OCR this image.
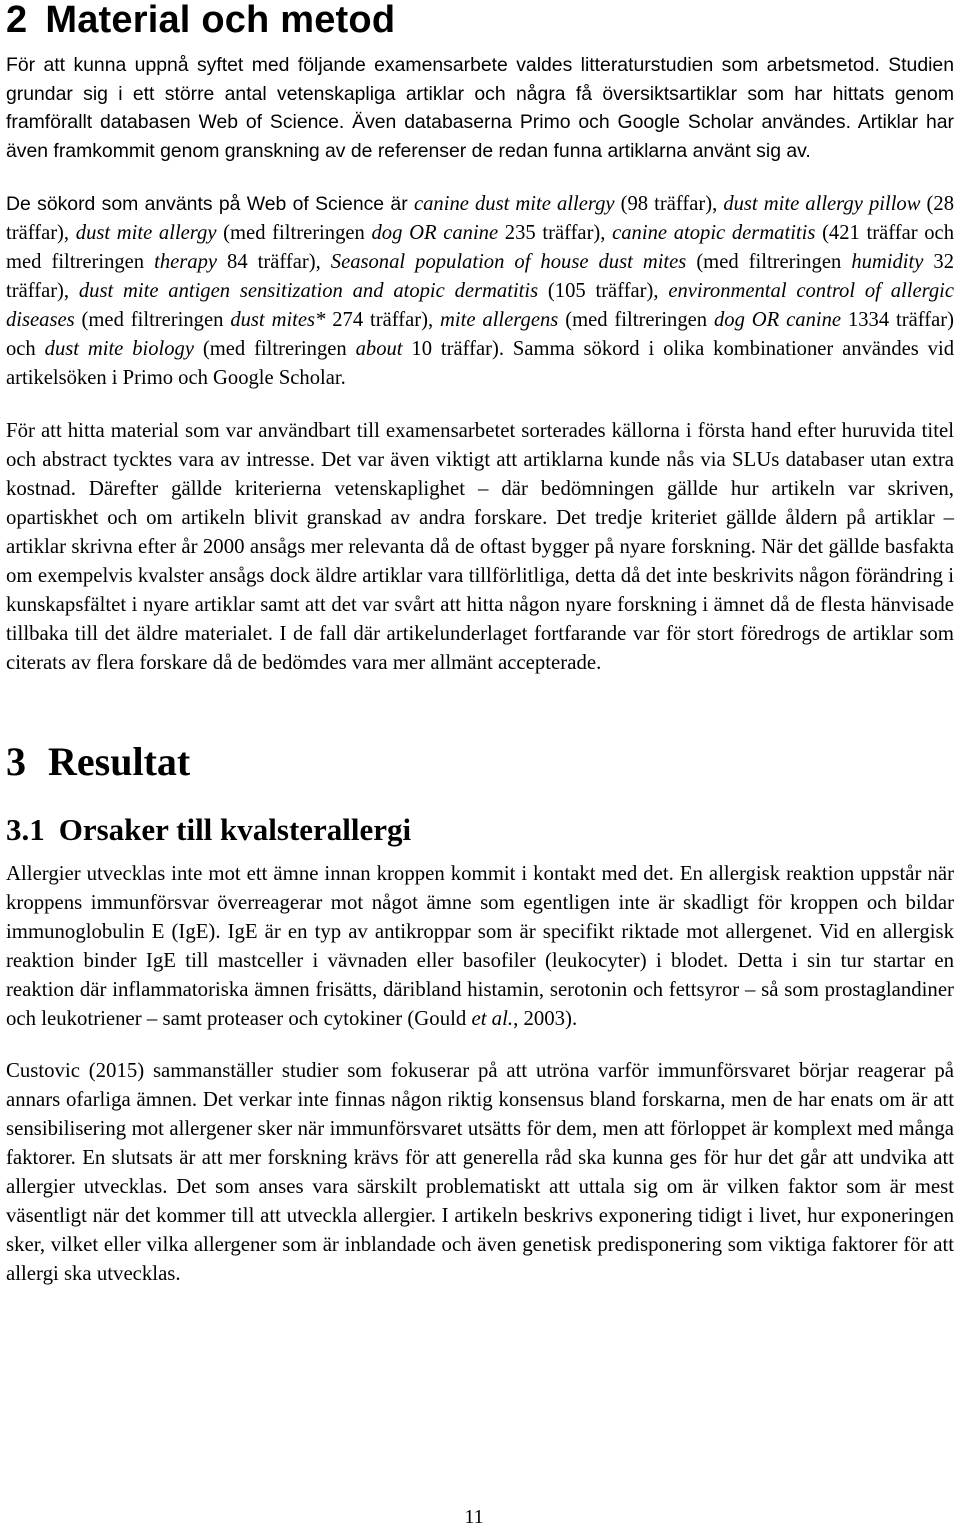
2 Material och metod

För att kunna uppnå syftet med följande examensarbete valdes litteraturstudien som arbetsmetod. Studien grundar sig i ett större antal vetenskapliga artiklar och några få översiktsartiklar som har hittats genom framförallt databasen Web of Science. Även databaserna Primo och Google Scholar användes. Artiklar har även framkommit genom granskning av de referenser de redan funna artiklarna använt sig av.

De sökord som använts på Web of Science är canine dust mite allergy (98 träffar), dust mite allergy pillow (28 träffar), dust mite allergy (med filtreringen dog OR canine 235 träffar), canine atopic dermatitis (421 träffar och med filtreringen therapy 84 träffar), Seasonal population of house dust mites (med filtreringen humidity 32 träffar), dust mite antigen sensitization and atopic dermatitis (105 träffar), environmental control of allergic diseases (med filtreringen dust mites* 274 träffar), mite allergens (med filtreringen dog OR canine 1334 träffar) och dust mite biology (med filtreringen about 10 träffar). Samma sökord i olika kombinationer användes vid artikelsöken i Primo och Google Scholar.

För att hitta material som var användbart till examensarbetet sorterades källorna i första hand efter huruvida titel och abstract tycktes vara av intresse. Det var även viktigt att artiklarna kunde nås via SLUs databaser utan extra kostnad. Därefter gällde kriterierna vetenskaplighet – där bedömningen gällde hur artikeln var skriven, opartiskhet och om artikeln blivit granskad av andra forskare. Det tredje kriteriet gällde åldern på artiklar – artiklar skrivna efter år 2000 ansågs mer relevanta då de oftast bygger på nyare forskning. När det gällde basfakta om exempelvis kvalster ansågs dock äldre artiklar vara tillförlitliga, detta då det inte beskrivits någon förändring i kunskapsfältet i nyare artiklar samt att det var svårt att hitta någon nyare forskning i ämnet då de flesta hänvisade tillbaka till det äldre materialet. I de fall där artikelunderlaget fortfarande var för stort föredrogs de artiklar som citerats av flera forskare då de bedömdes vara mer allmänt accepterade.

3 Resultat
3.1 Orsaker till kvalsterallergi

Allergier utvecklas inte mot ett ämne innan kroppen kommit i kontakt med det. En allergisk reaktion uppstår när kroppens immunförsvar överreagerar mot något ämne som egentligen inte är skadligt för kroppen och bildar immunoglobulin E (IgE). IgE är en typ av antikroppar som är specifikt riktade mot allergenet. Vid en allergisk reaktion binder IgE till mastceller i vävnaden eller basofiler (leukocyter) i blodet. Detta i sin tur startar en reaktion där inflammatoriska ämnen frisätts, däribland histamin, serotonin och fettsyror – så som prostaglandiner och leukotriener – samt proteaser och cytokiner (Gould et al., 2003).

Custovic (2015) sammanställer studier som fokuserar på att utröna varför immunförsvaret börjar reagerar på annars ofarliga ämnen. Det verkar inte finnas någon riktig konsensus bland forskarna, men de har enats om är att sensibilisering mot allergener sker när immunförsvaret utsätts för dem, men att förloppet är komplext med många faktorer. En slutsats är att mer forskning krävs för att generella råd ska kunna ges för hur det går att undvika att allergier utvecklas. Det som anses vara särskilt problematiskt att uttala sig om är vilken faktor som är mest väsentligt när det kommer till att utveckla allergier. I artikeln beskrivs exponering tidigt i livet, hur exponeringen sker, vilket eller vilka allergener som är inblandade och även genetisk predisponering som viktiga faktorer för att allergi ska utvecklas.

11
